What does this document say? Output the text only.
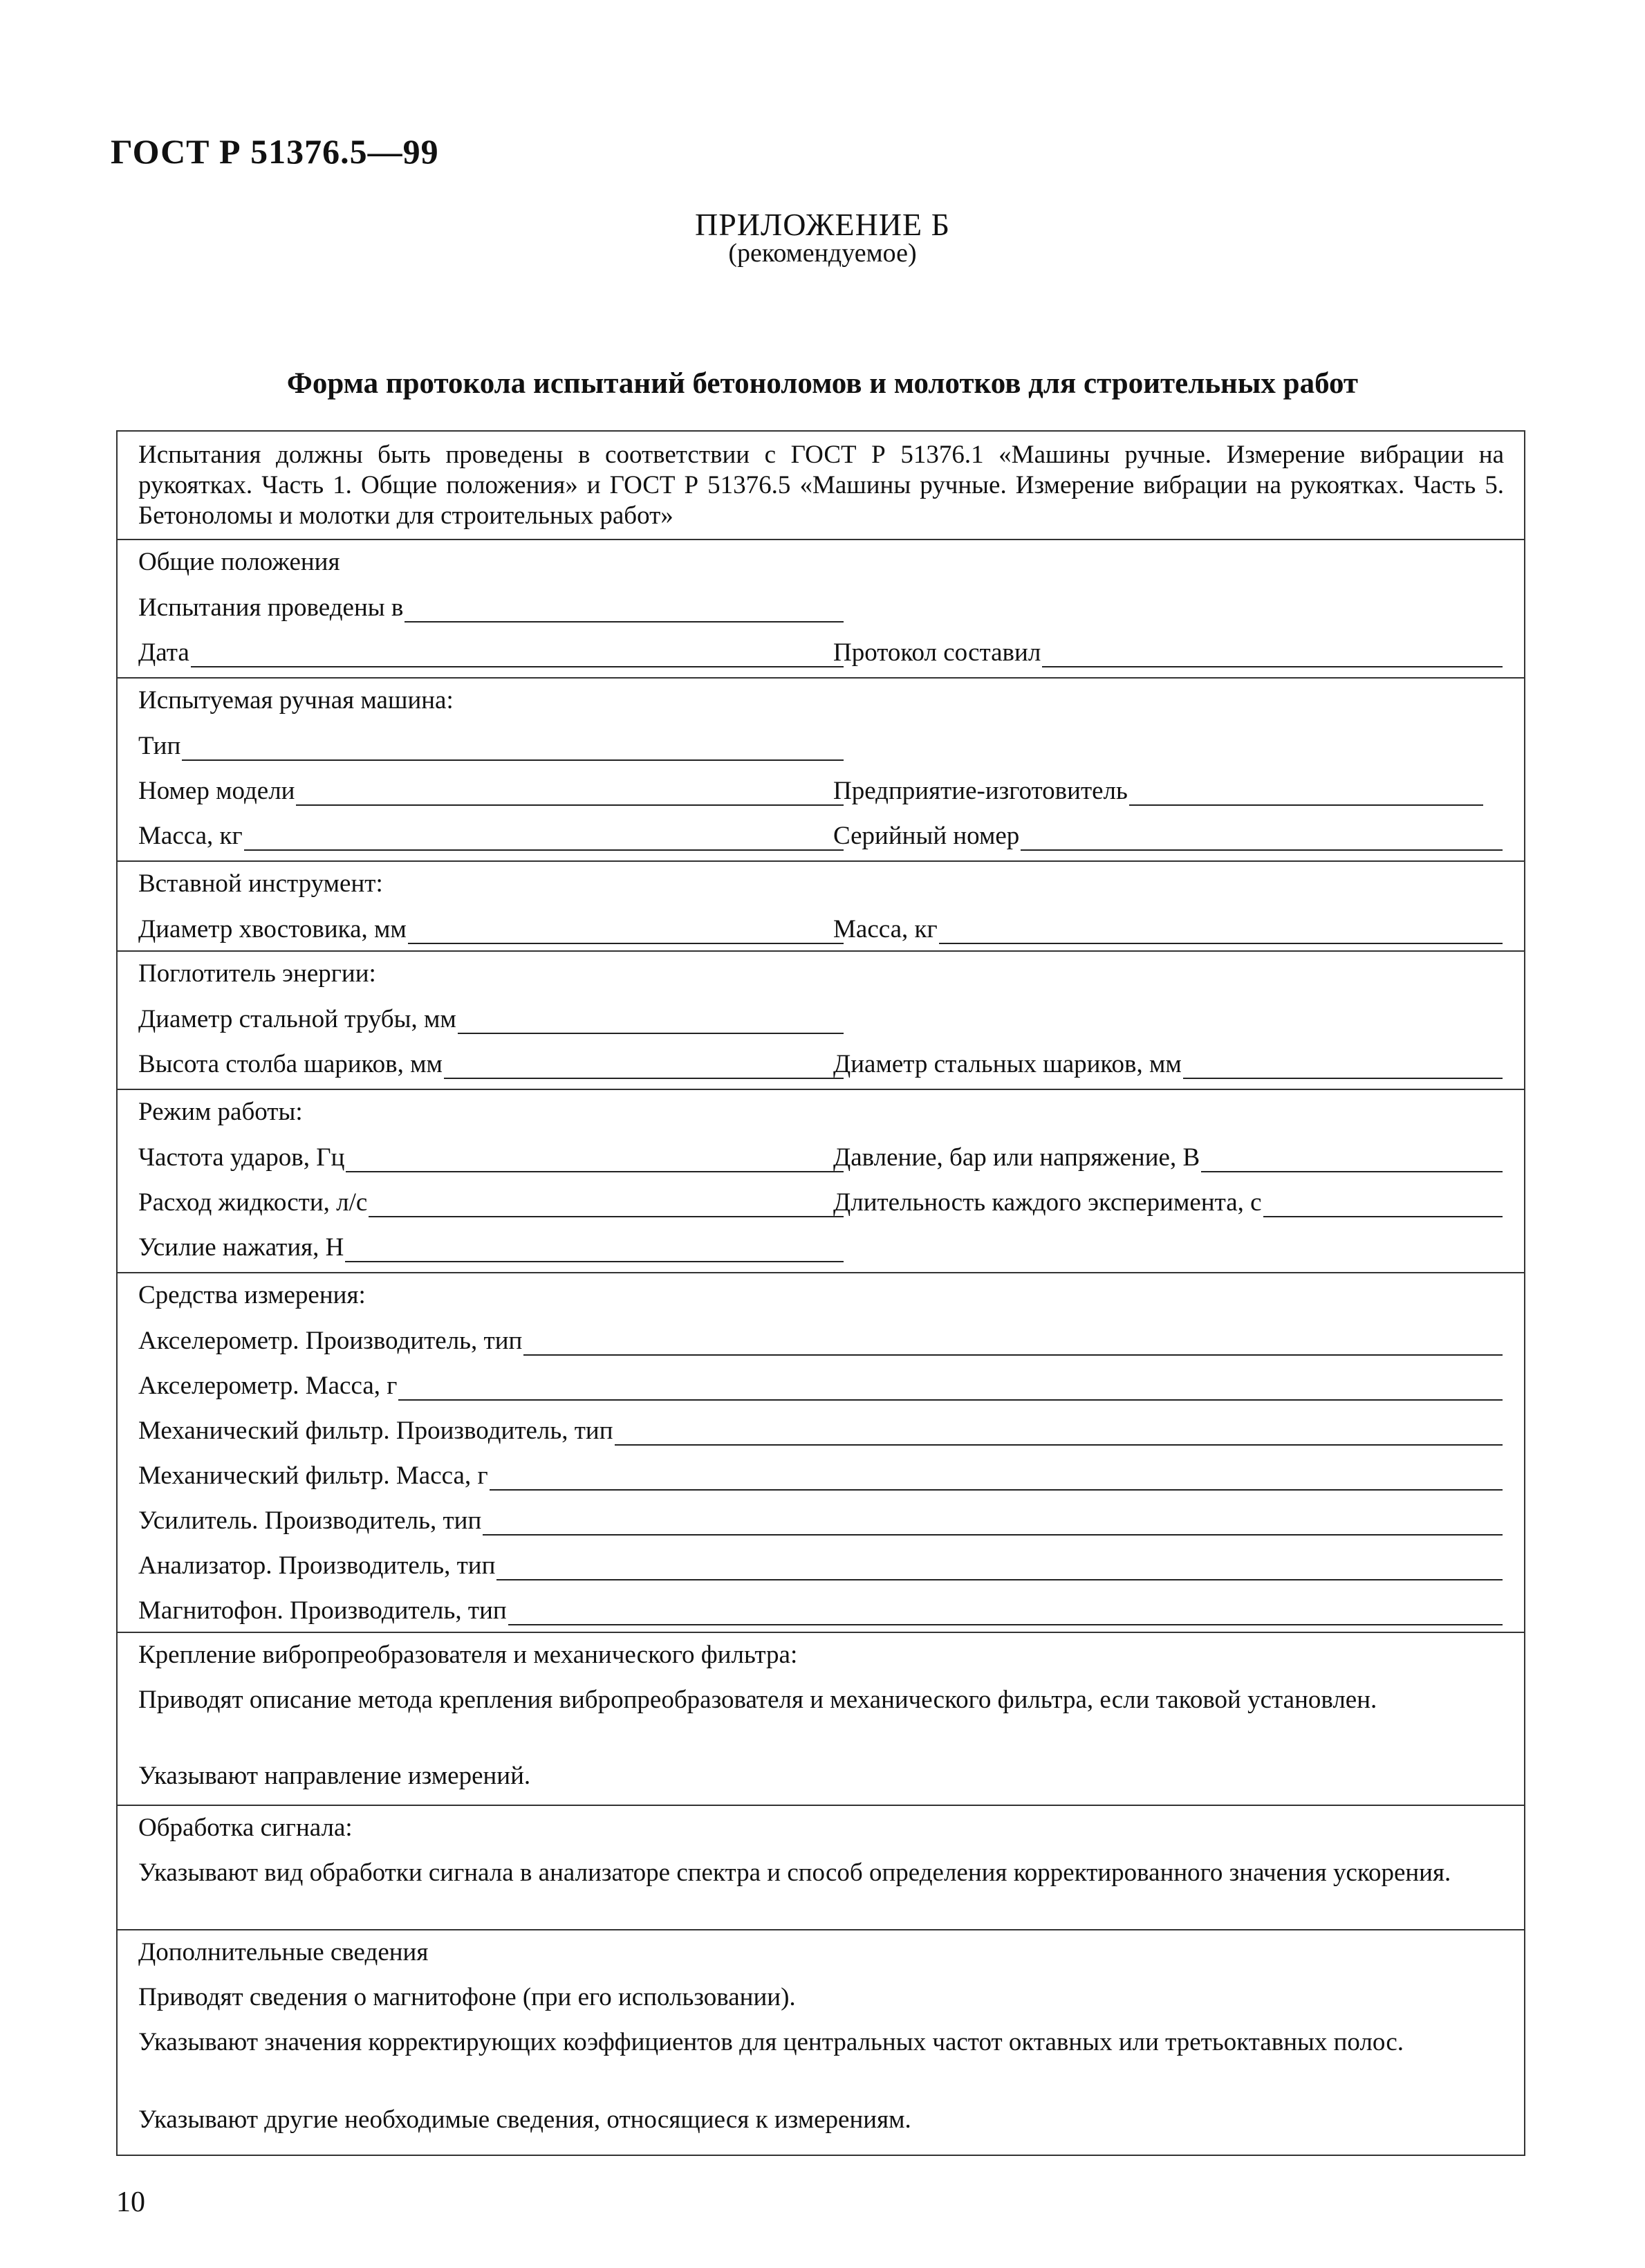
ГОСТ Р 51376.5—99
ПРИЛОЖЕНИЕ Б
(рекомендуемое)
Форма протокола испытаний бетоноломов и молотков для строительных работ
Испытания должны быть проведены в соответствии с ГОСТ Р 51376.1 «Машины ручные. Измерение вибрации на рукоятках. Часть 1. Общие положения» и ГОСТ Р 51376.5 «Машины ручные. Измерение вибрации на рукоятках. Часть 5. Бетоноломы и молотки для строительных работ»
Общие положения
Испытания проведены в
Дата	Протокол составил
Испытуемая ручная машина:
Тип
Номер модели	Предприятие-изготовитель
Масса, кг	Серийный номер
Вставной инструмент:
Диаметр хвостовика, мм	Масса, кг
Поглотитель энергии:
Диаметр стальной трубы, мм
Высота столба шариков, мм	Диаметр стальных шариков, мм
Режим работы:
Частота ударов, Гц	Давление, бар или напряжение, В
Расход жидкости, л/с	Длительность каждого эксперимента, с
Усилие нажатия, Н
Средства измерения:
Акселерометр. Производитель, тип
Акселерометр. Масса, г
Механический фильтр. Производитель, тип
Механический фильтр. Масса, г
Усилитель. Производитель, тип
Анализатор. Производитель, тип
Магнитофон. Производитель, тип
Крепление вибропреобразователя и механического фильтра:
Приводят описание метода крепления вибропреобразователя и механического фильтра, если таковой установлен.
Указывают направление измерений.
Обработка сигнала:
Указывают вид обработки сигнала в анализаторе спектра и способ определения корректированного значения ускорения.
Дополнительные сведения
Приводят сведения о магнитофоне (при его использовании).
Указывают значения корректирующих коэффициентов для центральных частот октавных или третьоктавных полос.
Указывают другие необходимые сведения, относящиеся к измерениям.
10
